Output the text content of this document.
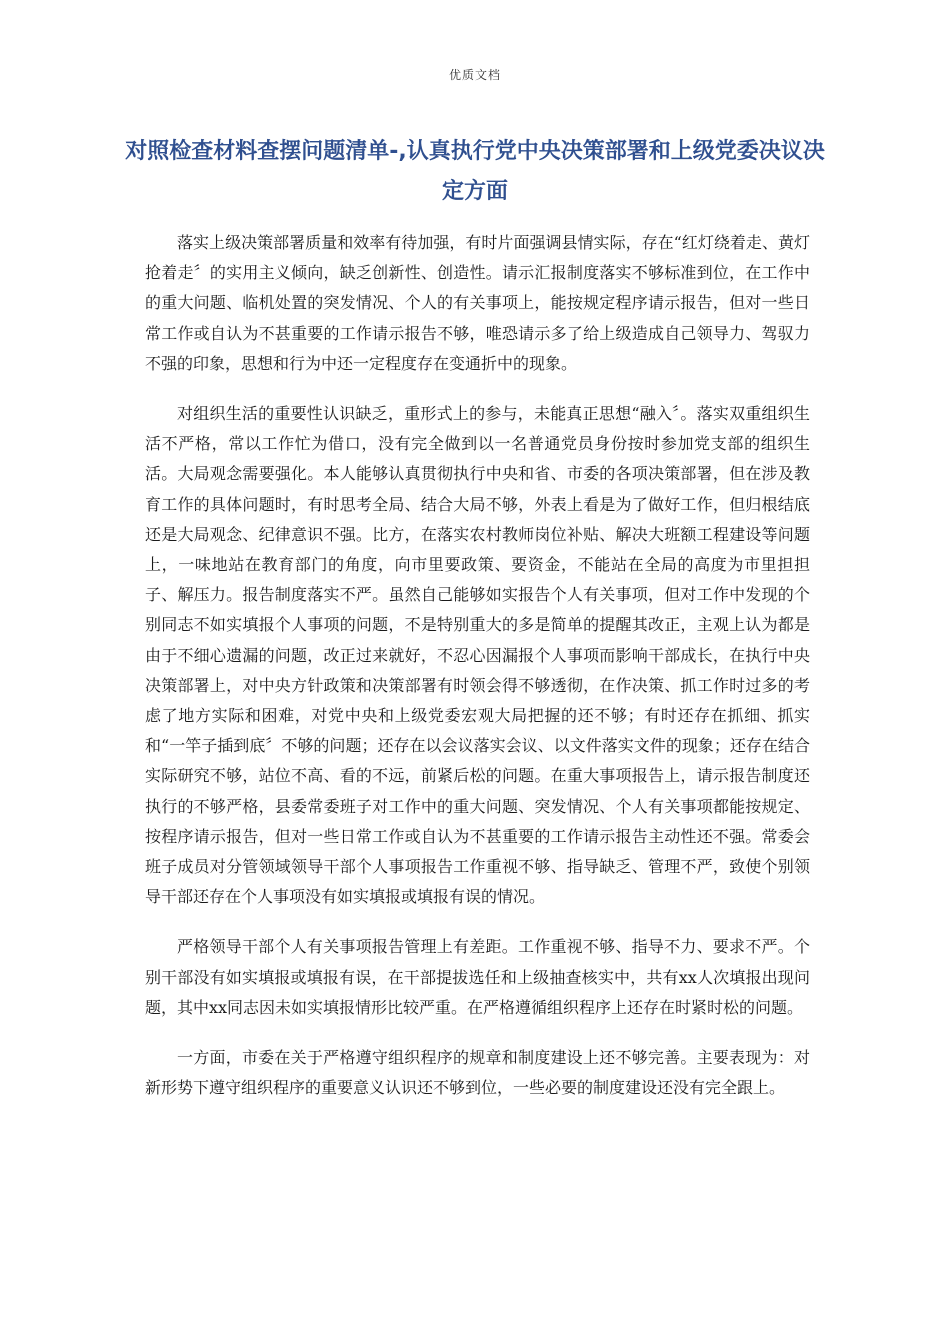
优质文档
对照检查材料查摆问题清单-,认真执行党中央决策部署和上级党委决议决定方面

落实上级决策部署质量和效率有待加强，有时片面强调县情实际，存在“红灯绕着走、黄灯抢着走〞的实用主义倾向，缺乏创新性、创造性。请示汇报制度落实不够标准到位，在工作中的重大问题、临机处置的突发情况、个人的有关事项上，能按规定程序请示报告，但对一些日常工作或自认为不甚重要的工作请示报告不够，唯恐请示多了给上级造成自己领导力、驾驭力不强的印象，思想和行为中还一定程度存在变通折中的现象。

对组织生活的重要性认识缺乏，重形式上的参与，未能真正思想“融入〞。落实双重组织生活不严格，常以工作忙为借口，没有完全做到以一名普通党员身份按时参加党支部的组织生活。大局观念需要强化。本人能够认真贯彻执行中央和省、市委的各项决策部署，但在涉及教育工作的具体问题时，有时思考全局、结合大局不够，外表上看是为了做好工作，但归根结底还是大局观念、纪律意识不强。比方，在落实农村教师岗位补贴、解决大班额工程建设等问题上，一味地站在教育部门的角度，向市里要政策、要资金，不能站在全局的高度为市里担担子、解压力。报告制度落实不严。虽然自己能够如实报告个人有关事项，但对工作中发现的个别同志不如实填报个人事项的问题，不是特别重大的多是简单的提醒其改正，主观上认为都是由于不细心遗漏的问题，改正过来就好，不忍心因漏报个人事项而影响干部成长，在执行中央决策部署上，对中央方针政策和决策部署有时领会得不够透彻，在作决策、抓工作时过多的考虑了地方实际和困难，对党中央和上级党委宏观大局把握的还不够；有时还存在抓细、抓实和“一竿子插到底〞不够的问题；还存在以会议落实会议、以文件落实文件的现象；还存在结合实际研究不够，站位不高、看的不远，前紧后松的问题。在重大事项报告上，请示报告制度还执行的不够严格，县委常委班子对工作中的重大问题、突发情况、个人有关事项都能按规定、按程序请示报告，但对一些日常工作或自认为不甚重要的工作请示报告主动性还不强。常委会班子成员对分管领域领导干部个人事项报告工作重视不够、指导缺乏、管理不严，致使个别领导干部还存在个人事项没有如实填报或填报有误的情况。

严格领导干部个人有关事项报告管理上有差距。工作重视不够、指导不力、要求不严。个别干部没有如实填报或填报有误，在干部提拔选任和上级抽查核实中，共有xx人次填报出现问题，其中xx同志因未如实填报情形比较严重。在严格遵循组织程序上还存在时紧时松的问题。

一方面，市委在关于严格遵守组织程序的规章和制度建设上还不够完善。主要表现为：对新形势下遵守组织程序的重要意义认识还不够到位，一些必要的制度建设还没有完全跟上。
